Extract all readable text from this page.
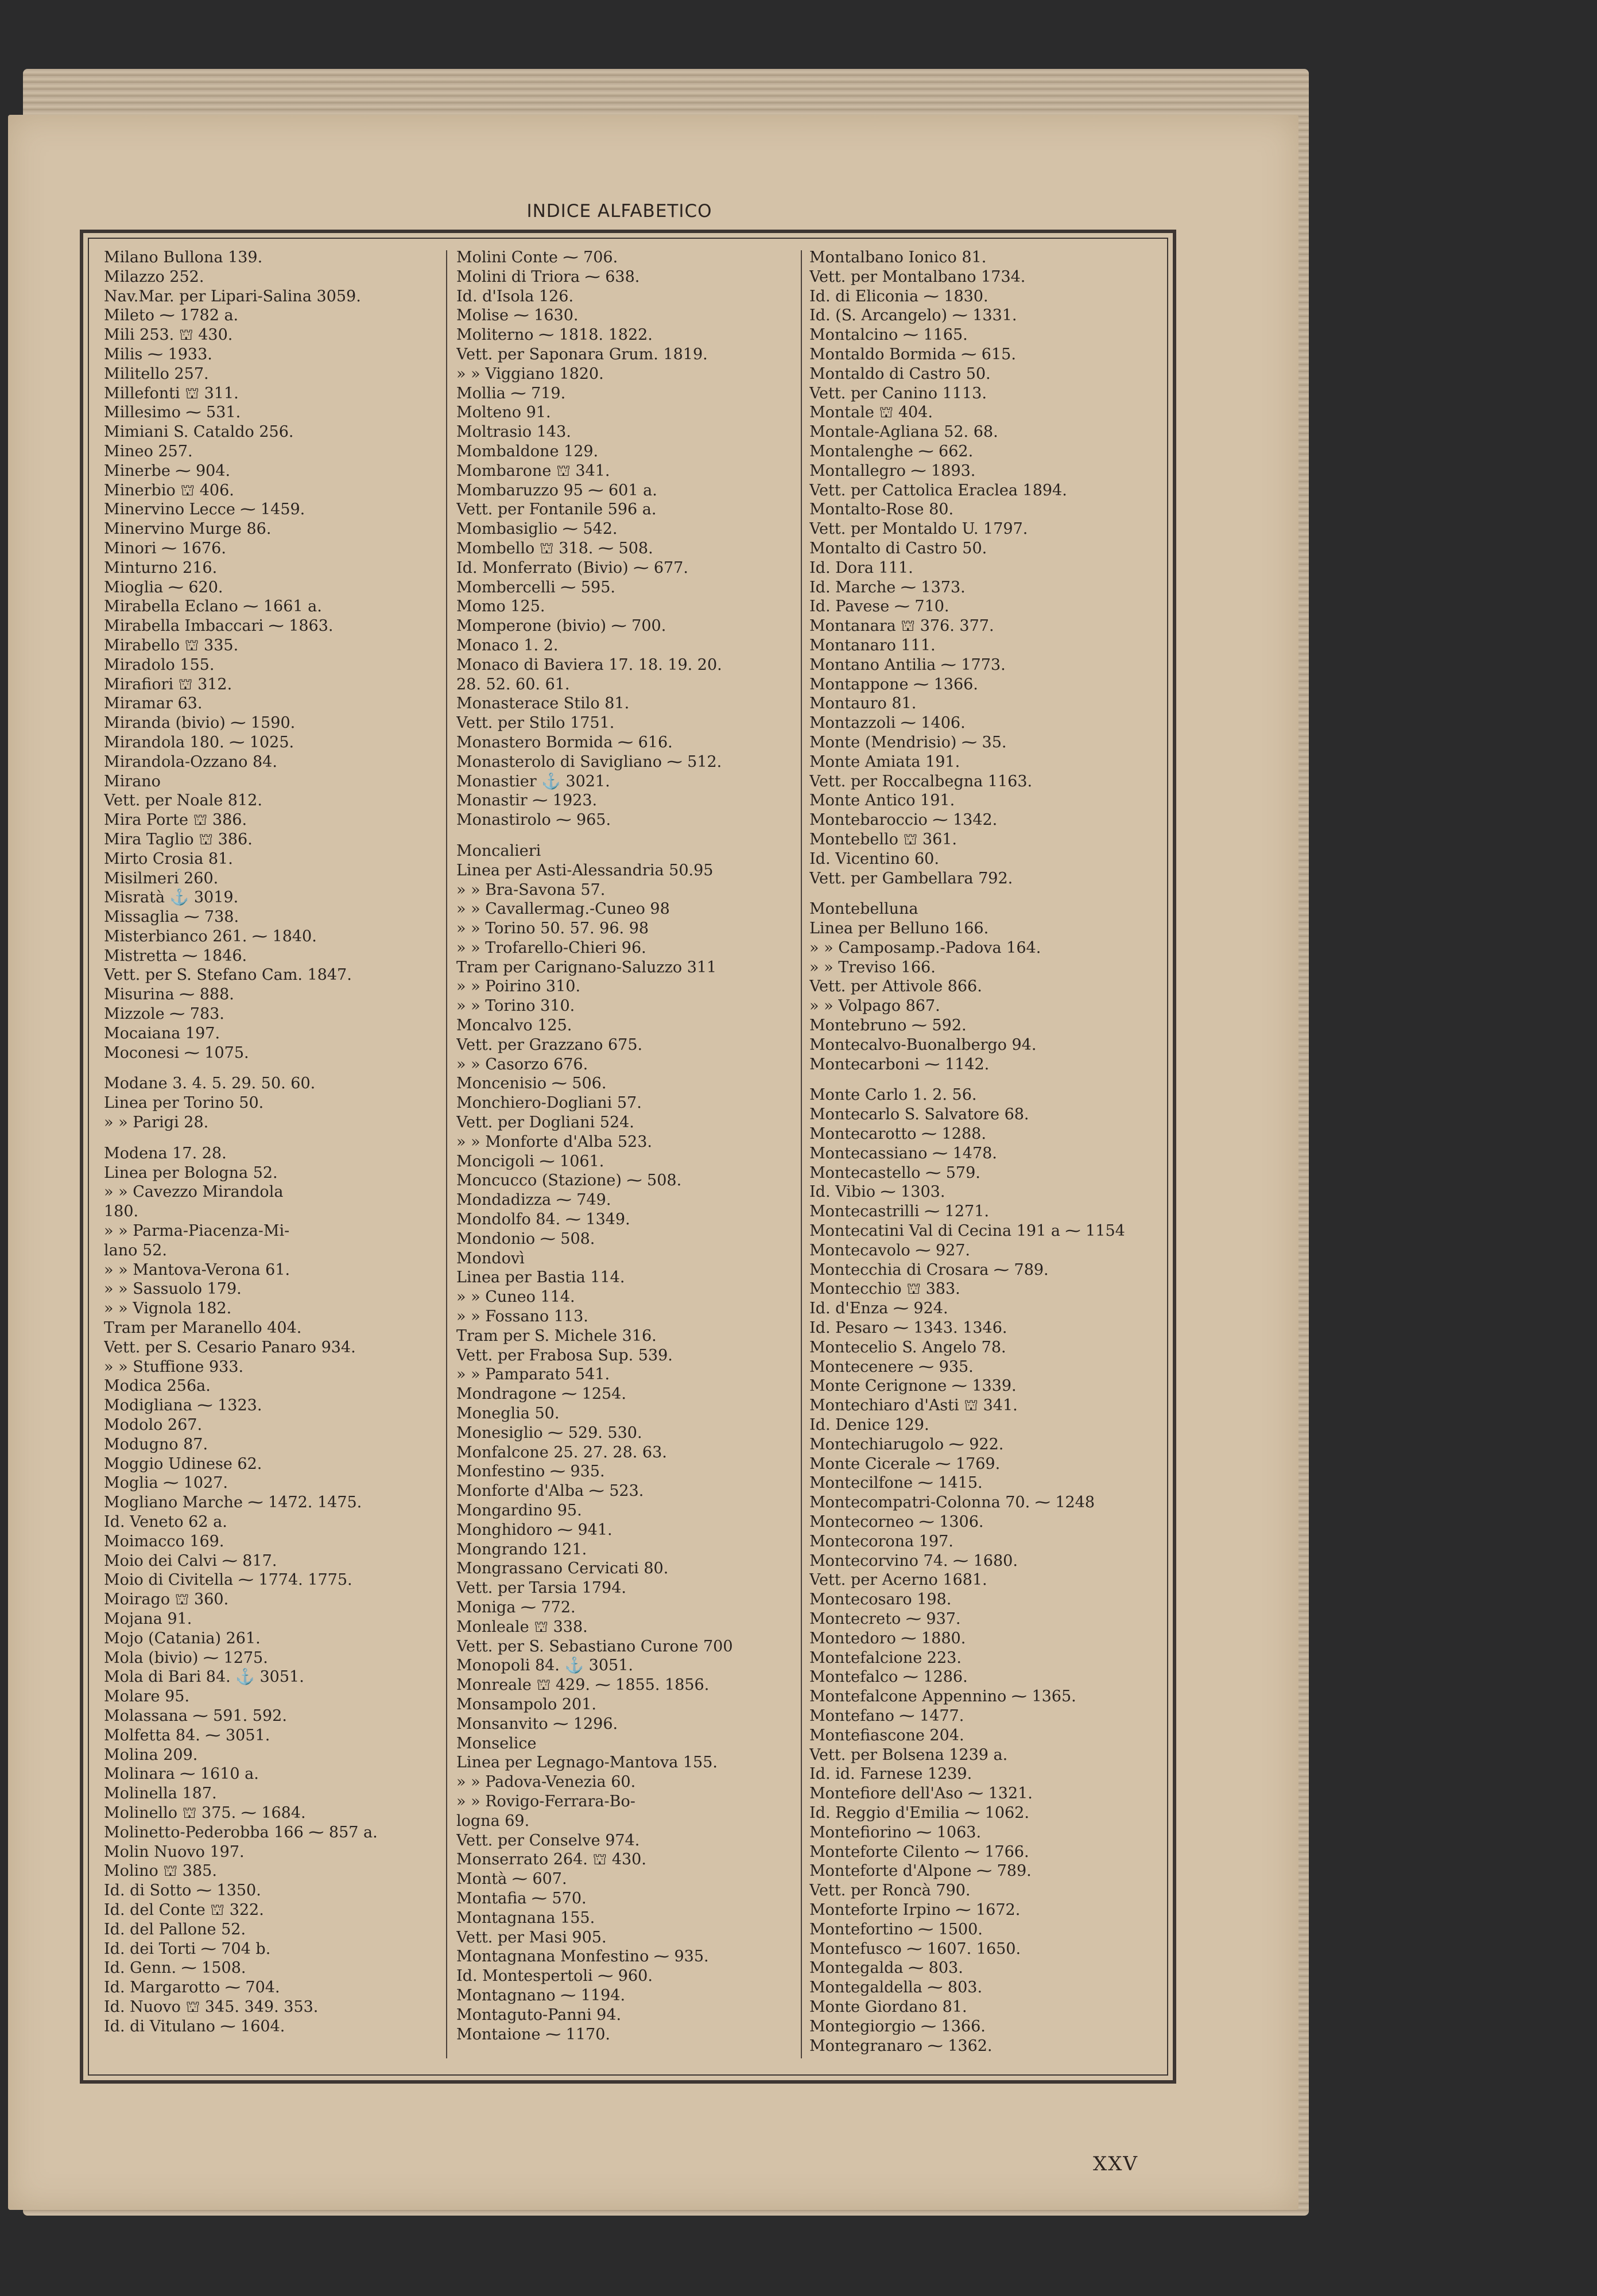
INDICE ALFABETICO
Milano Bullona 139.
Milazzo 252.
Nav.Mar. per Lipari-Salina 3059.
Mileto ⁓ 1782 a.
Mili 253. ⛫ 430.
Milis ⁓ 1933.
Militello 257.
Millefonti ⛫ 311.
Millesimo ⁓ 531.
Mimiani S. Cataldo 256.
Mineo 257.
Minerbe ⁓ 904.
Minerbio ⛫ 406.
Minervino Lecce ⁓ 1459.
Minervino Murge 86.
Minori ⁓ 1676.
Minturno 216.
Mioglia ⁓ 620.
Mirabella Eclano ⁓ 1661 a.
Mirabella Imbaccari ⁓ 1863.
Mirabello ⛫ 335.
Miradolo 155.
Mirafiori ⛫ 312.
Miramar 63.
Miranda (bivio) ⁓ 1590.
Mirandola 180. ⁓ 1025.
Mirandola-Ozzano 84.
Mirano
Vett. per Noale 812.
Mira Porte ⛫ 386.
Mira Taglio ⛫ 386.
Mirto Crosia 81.
Misilmeri 260.
Misratà ⚓ 3019.
Missaglia ⁓ 738.
Misterbianco 261. ⁓ 1840.
Mistretta ⁓ 1846.
Vett. per S. Stefano Cam. 1847.
Misurina ⁓ 888.
Mizzole ⁓ 783.
Mocaiana 197.
Moconesi ⁓ 1075.
Modane 3. 4. 5. 29. 50. 60.
Linea per Torino 50.
» » Parigi 28.
Modena 17. 28.
Linea per Bologna 52.
» » Cavezzo Mirandola
180.
» » Parma-Piacenza-Mi-
lano 52.
» » Mantova-Verona 61.
» » Sassuolo 179.
» » Vignola 182.
Tram per Maranello 404.
Vett. per S. Cesario Panaro 934.
» » Stuffione 933.
Modica 256a.
Modigliana ⁓ 1323.
Modolo 267.
Modugno 87.
Moggio Udinese 62.
Moglia ⁓ 1027.
Mogliano Marche ⁓ 1472. 1475.
Id. Veneto 62 a.
Moimacco 169.
Moio dei Calvi ⁓ 817.
Moio di Civitella ⁓ 1774. 1775.
Moirago ⛫ 360.
Mojana 91.
Mojo (Catania) 261.
Mola (bivio) ⁓ 1275.
Mola di Bari 84. ⚓ 3051.
Molare 95.
Molassana ⁓ 591. 592.
Molfetta 84. ⁓ 3051.
Molina 209.
Molinara ⁓ 1610 a.
Molinella 187.
Molinello ⛫ 375. ⁓ 1684.
Molinetto-Pederobba 166 ⁓ 857 a.
Molin Nuovo 197.
Molino ⛫ 385.
Id. di Sotto ⁓ 1350.
Id. del Conte ⛫ 322.
Id. del Pallone 52.
Id. dei Torti ⁓ 704 b.
Id. Genn. ⁓ 1508.
Id. Margarotto ⁓ 704.
Id. Nuovo ⛫ 345. 349. 353.
Id. di Vitulano ⁓ 1604.
Molini Conte ⁓ 706.
Molini di Triora ⁓ 638.
Id. d'Isola 126.
Molise ⁓ 1630.
Moliterno ⁓ 1818. 1822.
Vett. per Saponara Grum. 1819.
» » Viggiano 1820.
Mollia ⁓ 719.
Molteno 91.
Moltrasio 143.
Mombaldone 129.
Mombarone ⛫ 341.
Mombaruzzo 95 ⁓ 601 a.
Vett. per Fontanile 596 a.
Mombasiglio ⁓ 542.
Mombello ⛫ 318. ⁓ 508.
Id. Monferrato (Bivio) ⁓ 677.
Mombercelli ⁓ 595.
Momo 125.
Momperone (bivio) ⁓ 700.
Monaco 1. 2.
Monaco di Baviera 17. 18. 19. 20.
28. 52. 60. 61.
Monasterace Stilo 81.
Vett. per Stilo 1751.
Monastero Bormida ⁓ 616.
Monasterolo di Savigliano ⁓ 512.
Monastier ⚓ 3021.
Monastir ⁓ 1923.
Monastirolo ⁓ 965.
Moncalieri
Linea per Asti-Alessandria 50.95
» » Bra-Savona 57.
» » Cavallermag.-Cuneo 98
» » Torino 50. 57. 96. 98
» » Trofarello-Chieri 96.
Tram per Carignano-Saluzzo 311
» » Poirino 310.
» » Torino 310.
Moncalvo 125.
Vett. per Grazzano 675.
» » Casorzo 676.
Moncenisio ⁓ 506.
Monchiero-Dogliani 57.
Vett. per Dogliani 524.
» » Monforte d'Alba 523.
Moncigoli ⁓ 1061.
Moncucco (Stazione) ⁓ 508.
Mondadizza ⁓ 749.
Mondolfo 84. ⁓ 1349.
Mondonio ⁓ 508.
Mondovì
Linea per Bastia 114.
» » Cuneo 114.
» » Fossano 113.
Tram per S. Michele 316.
Vett. per Frabosa Sup. 539.
» » Pamparato 541.
Mondragone ⁓ 1254.
Moneglia 50.
Monesiglio ⁓ 529. 530.
Monfalcone 25. 27. 28. 63.
Monfestino ⁓ 935.
Monforte d'Alba ⁓ 523.
Mongardino 95.
Monghidoro ⁓ 941.
Mongrando 121.
Mongrassano Cervicati 80.
Vett. per Tarsia 1794.
Moniga ⁓ 772.
Monleale ⛫ 338.
Vett. per S. Sebastiano Curone 700
Monopoli 84. ⚓ 3051.
Monreale ⛫ 429. ⁓ 1855. 1856.
Monsampolo 201.
Monsanvito ⁓ 1296.
Monselice
Linea per Legnago-Mantova 155.
» » Padova-Venezia 60.
» » Rovigo-Ferrara-Bo-
logna 69.
Vett. per Conselve 974.
Monserrato 264. ⛫ 430.
Montà ⁓ 607.
Montafia ⁓ 570.
Montagnana 155.
Vett. per Masi 905.
Montagnana Monfestino ⁓ 935.
Id. Montespertoli ⁓ 960.
Montagnano ⁓ 1194.
Montaguto-Panni 94.
Montaione ⁓ 1170.
Montalbano Ionico 81.
Vett. per Montalbano 1734.
Id. di Eliconia ⁓ 1830.
Id. (S. Arcangelo) ⁓ 1331.
Montalcino ⁓ 1165.
Montaldo Bormida ⁓ 615.
Montaldo di Castro 50.
Vett. per Canino 1113.
Montale ⛫ 404.
Montale-Agliana 52. 68.
Montalenghe ⁓ 662.
Montallegro ⁓ 1893.
Vett. per Cattolica Eraclea 1894.
Montalto-Rose 80.
Vett. per Montaldo U. 1797.
Montalto di Castro 50.
Id. Dora 111.
Id. Marche ⁓ 1373.
Id. Pavese ⁓ 710.
Montanara ⛫ 376. 377.
Montanaro 111.
Montano Antilia ⁓ 1773.
Montappone ⁓ 1366.
Montauro 81.
Montazzoli ⁓ 1406.
Monte (Mendrisio) ⁓ 35.
Monte Amiata 191.
Vett. per Roccalbegna 1163.
Monte Antico 191.
Montebaroccio ⁓ 1342.
Montebello ⛫ 361.
Id. Vicentino 60.
Vett. per Gambellara 792.
Montebelluna
Linea per Belluno 166.
» » Camposamp.-Padova 164.
» » Treviso 166.
Vett. per Attivole 866.
» » Volpago 867.
Montebruno ⁓ 592.
Montecalvo-Buonalbergo 94.
Montecarboni ⁓ 1142.
Monte Carlo 1. 2. 56.
Montecarlo S. Salvatore 68.
Montecarotto ⁓ 1288.
Montecassiano ⁓ 1478.
Montecastello ⁓ 579.
Id. Vibio ⁓ 1303.
Montecastrilli ⁓ 1271.
Montecatini Val di Cecina 191 a ⁓ 1154
Montecavolo ⁓ 927.
Montecchia di Crosara ⁓ 789.
Montecchio ⛫ 383.
Id. d'Enza ⁓ 924.
Id. Pesaro ⁓ 1343. 1346.
Montecelio S. Angelo 78.
Montecenere ⁓ 935.
Monte Cerignone ⁓ 1339.
Montechiaro d'Asti ⛫ 341.
Id. Denice 129.
Montechiarugolo ⁓ 922.
Monte Cicerale ⁓ 1769.
Montecilfone ⁓ 1415.
Montecompatri-Colonna 70. ⁓ 1248
Montecorneo ⁓ 1306.
Montecorona 197.
Montecorvino 74. ⁓ 1680.
Vett. per Acerno 1681.
Montecosaro 198.
Montecreto ⁓ 937.
Montedoro ⁓ 1880.
Montefalcione 223.
Montefalco ⁓ 1286.
Montefalcone Appennino ⁓ 1365.
Montefano ⁓ 1477.
Montefiascone 204.
Vett. per Bolsena 1239 a.
Id. id. Farnese 1239.
Montefiore dell'Aso ⁓ 1321.
Id. Reggio d'Emilia ⁓ 1062.
Montefiorino ⁓ 1063.
Monteforte Cilento ⁓ 1766.
Monteforte d'Alpone ⁓ 789.
Vett. per Roncà 790.
Monteforte Irpino ⁓ 1672.
Montefortino ⁓ 1500.
Montefusco ⁓ 1607. 1650.
Montegalda ⁓ 803.
Montegaldella ⁓ 803.
Monte Giordano 81.
Montegiorgio ⁓ 1366.
Montegranaro ⁓ 1362.
XXV
